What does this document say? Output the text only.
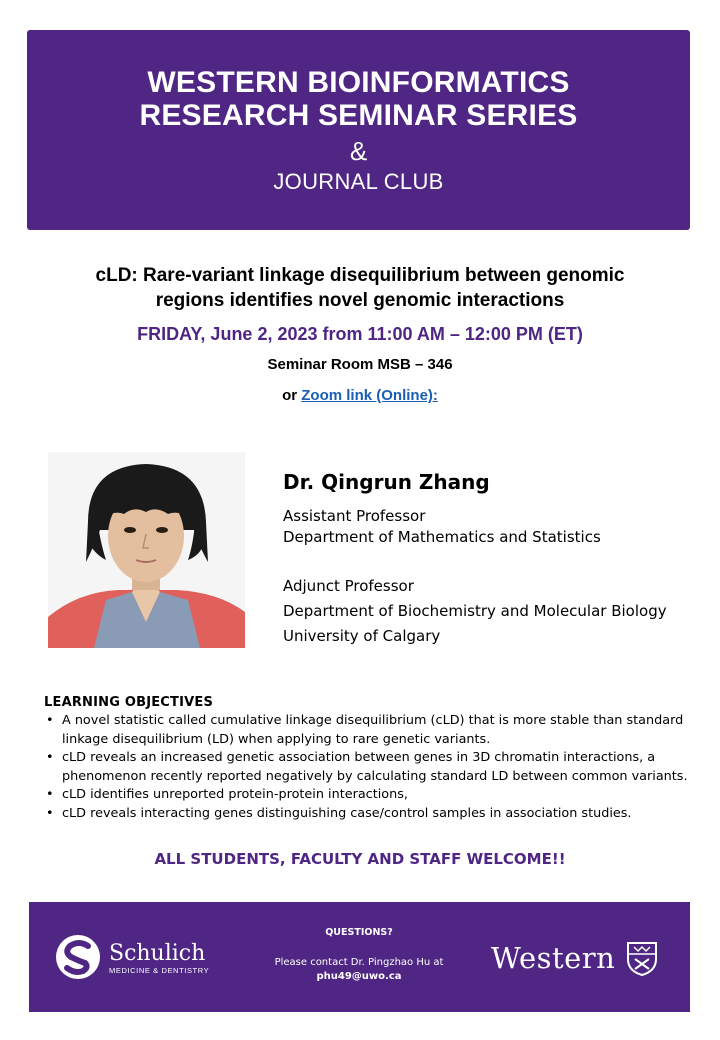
WESTERN BIOINFORMATICS
RESEARCH SEMINAR SERIES
&
JOURNAL CLUB
cLD: Rare-variant linkage disequilibrium between genomic
regions identifies novel genomic interactions
FRIDAY, June 2, 2023 from 11:00 AM – 12:00 PM (ET)
Seminar Room MSB – 346
or Zoom link (Online):
Dr. Qingrun Zhang
Assistant Professor
Department of Mathematics and Statistics
Adjunct Professor
Department of Biochemistry and Molecular Biology
University of Calgary
LEARNING OBJECTIVES
• A novel statistic called cumulative linkage disequilibrium (cLD) that is more stable than standard linkage disequilibrium (LD) when applying to rare genetic variants.
• cLD reveals an increased genetic association between genes in 3D chromatin interactions, a phenomenon recently reported negatively by calculating standard LD between common variants.
• cLD identifies unreported protein-protein interactions,
• cLD reveals interacting genes distinguishing case/control samples in association studies.
ALL STUDENTS, FACULTY AND STAFF WELCOME!!
Schulich
MEDICINE & DENTISTRY
QUESTIONS?
Please contact Dr. Pingzhao Hu at
phu49@uwo.ca
Western
